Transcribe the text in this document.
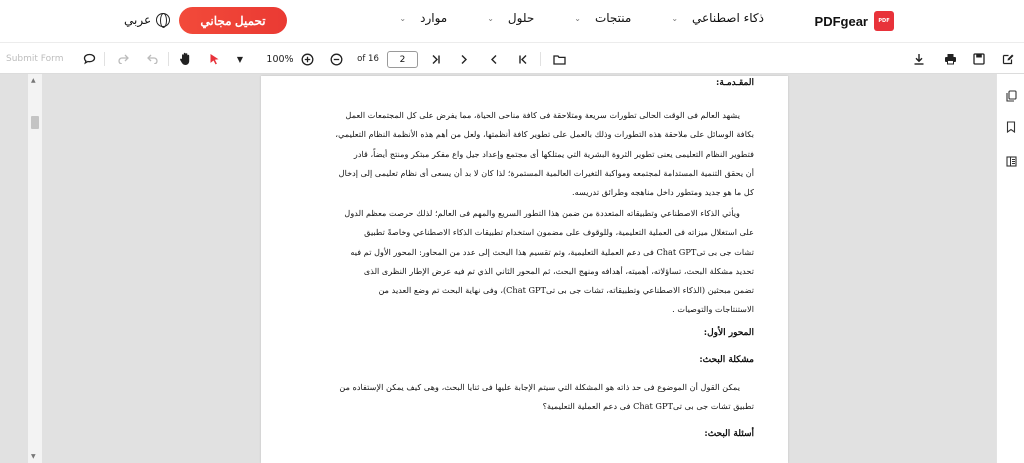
PDF
PDFgear
ذكاء اصطناعي
⌄
منتجات
⌄
حلول
⌄
موارد
⌄
تحميل مجاني
عربي
Submit Form	▼	100%	of 16
2
▲
▼
المقـدمـة:
يشهد العالم فى الوقت الحالى تطورات سريعة ومتلاحقة فى كافة مناحى الحياة، مما يفرض على كل المجتمعات العمل
بكافة الوسائل على ملاحقة هذه التطورات وذلك بالعمل على تطوير كافة أنظمتها، ولعل من أهم هذه الأنظمة النظام التعليمي،
فتطوير النظام التعليمى يعنى تطوير الثروة البشرية التي يمتلكها أى مجتمع وإعداد جيل واع مفكر مبتكر ومنتج أيضاً، قادر
أن يحقق التنمية المستدامة لمجتمعه ومواكبة التغيرات العالمية المستمرة؛ لذا كان لا بد أن يسعى أى نظام تعليمى إلى إدخال
كل ما هو جديد ومتطور داخل مناهجه وطرائق تدريسه.
ويأتي الذكاء الاصطناعي وتطبيقاته المتعددة من ضمن هذا التطور السريع والمهم فى العالم؛ لذلك حرصت معظم الدول
على استغلال ميزاته فى العملية التعليمية، وللوقوف على مضمون استخدام تطبيقات الذكاء الاصطناعي وخاصةً تطبيق
تشات جى بى تىChat GPT فى دعم العملية التعليمية، وتم تقسيم هذا البحث إلى عدد من المحاور: المحور الأول تم فيه
تحديد مشكلة البحث، تساؤلاته، أهميته، أهدافه ومنهج البحث، ثم المحور الثاني الذي تم فيه عرض الإطار النظرى الذى
تضمن مبحثين (الذكاء الاصطناعي وتطبيقاته، تشات جى بى تىChat GPT)، وفى نهاية البحث تم وضع العديد من
الاستنتاجات والتوصيات .
المحور الأول:
مشكلة البحث:
يمكن القول أن الموضوع فى حد ذاته هو المشكلة التي سيتم الإجابة عليها فى ثنايا البحث، وهى كيف يمكن الإستفاده من
تطبيق تشات جى بى تىChat GPT فى دعم العملية التعليمية؟
أسئلة البحث:
